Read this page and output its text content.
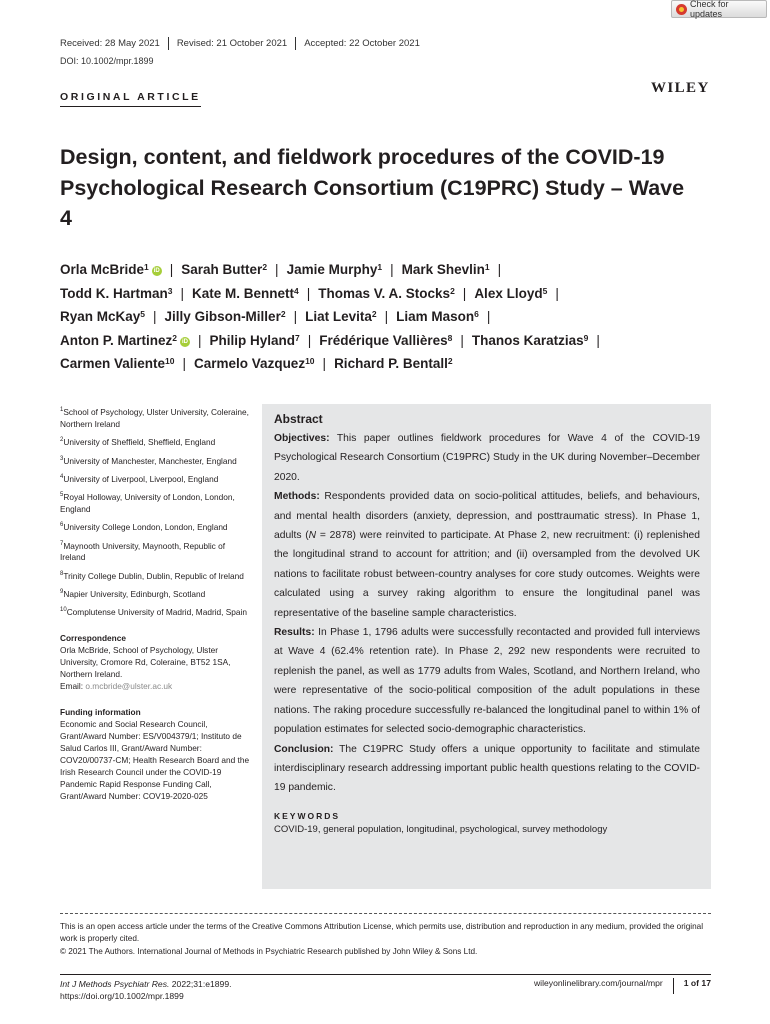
Check for updates
Received: 28 May 2021	Revised: 21 October 2021	Accepted: 22 October 2021
DOI: 10.1002/mpr.1899
ORIGINAL ARTICLE
WILEY
Design, content, and fieldwork procedures of the COVID-19 Psychological Research Consortium (C19PRC) Study – Wave 4
Orla McBride$^1$ iD | Sarah Butter$^2$ | Jamie Murphy$^1$ | Mark Shevlin$^1$ |
Todd K. Hartman$^3$ | Kate M. Bennett$^4$ | Thomas V. A. Stocks$^2$ | Alex Lloyd$^5$ |
Ryan McKay$^5$ | Jilly Gibson-Miller$^2$ | Liat Levita$^2$ | Liam Mason$^6$ |
Anton P. Martinez$^2$ iD | Philip Hyland$^7$ | Frédérique Vallières$^8$ | Thanos Karatzias$^9$ |
Carmen Valiente$^{10}$ | Carmelo Vazquez$^{10}$ | Richard P. Bentall$^2$
$^1$School of Psychology, Ulster University, Coleraine, Northern Ireland
$^2$University of Sheffield, Sheffield, England
$^3$University of Manchester, Manchester, England
$^4$University of Liverpool, Liverpool, England
$^5$Royal Holloway, University of London, London, England
$^6$University College London, London, England
$^7$Maynooth University, Maynooth, Republic of Ireland
$^8$Trinity College Dublin, Dublin, Republic of Ireland
$^9$Napier University, Edinburgh, Scotland
$^{10}$Complutense University of Madrid, Madrid, Spain
Correspondence
Orla McBride, School of Psychology, Ulster University, Cromore Rd, Coleraine, BT52 1SA, Northern Ireland.
Email: o.mcbride@ulster.ac.uk
Funding information
Economic and Social Research Council, Grant/Award Number: ES/V004379/1; Instituto de Salud Carlos III, Grant/Award Number: COV20/00737-CM; Health Research Board and the Irish Research Council under the COVID-19 Pandemic Rapid Response Funding Call, Grant/Award Number: COV19-2020-025
Abstract

Objectives: This paper outlines fieldwork procedures for Wave 4 of the COVID-19 Psychological Research Consortium (C19PRC) Study in the UK during November–December 2020.

Methods: Respondents provided data on socio-political attitudes, beliefs, and behaviours, and mental health disorders (anxiety, depression, and posttraumatic stress). In Phase 1, adults (N = 2878) were reinvited to participate. At Phase 2, new recruitment: (i) replenished the longitudinal strand to account for attrition; and (ii) oversampled from the devolved UK nations to facilitate robust between-country analyses for core study outcomes. Weights were calculated using a survey raking algorithm to ensure the longitudinal panel was representative of the baseline sample characteristics.

Results: In Phase 1, 1796 adults were successfully recontacted and provided full interviews at Wave 4 (62.4% retention rate). In Phase 2, 292 new respondents were recruited to replenish the panel, as well as 1779 adults from Wales, Scotland, and Northern Ireland, who were representative of the socio-political composition of the adult populations in these nations. The raking procedure successfully re-balanced the longitudinal panel to within 1% of population estimates for selected socio-demographic characteristics.

Conclusion: The C19PRC Study offers a unique opportunity to facilitate and stimulate interdisciplinary research addressing important public health questions relating to the COVID-19 pandemic.

KEYWORDS
COVID-19, general population, longitudinal, psychological, survey methodology
This is an open access article under the terms of the Creative Commons Attribution License, which permits use, distribution and reproduction in any medium, provided the original work is properly cited.
© 2021 The Authors. International Journal of Methods in Psychiatric Research published by John Wiley & Sons Ltd.
Int J Methods Psychiatr Res. 2022;31:e1899.
https://doi.org/10.1002/mpr.1899
wileyonlinelibrary.com/journal/mpr	1 of 17
